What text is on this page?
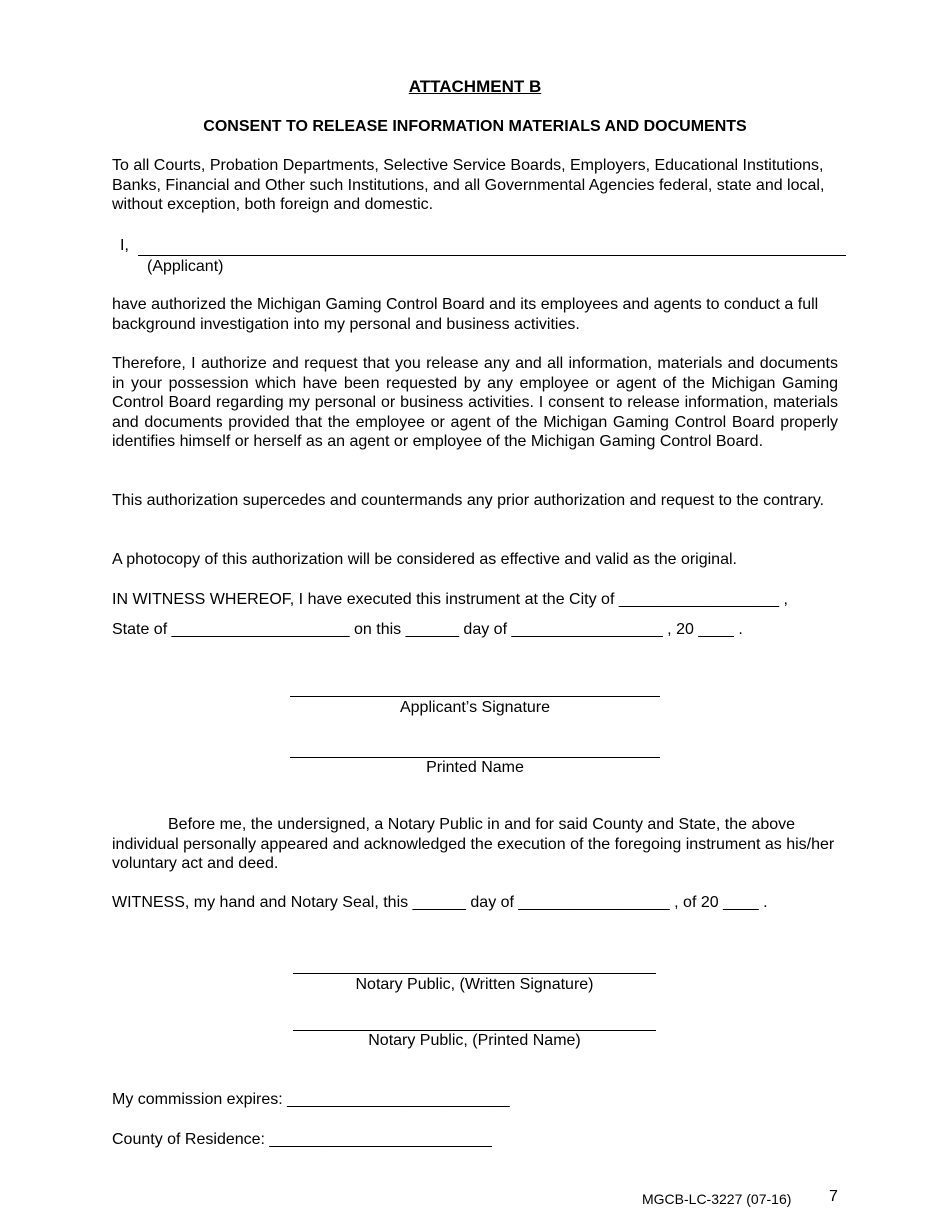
ATTACHMENT B
CONSENT TO RELEASE INFORMATION MATERIALS AND DOCUMENTS
To all Courts, Probation Departments, Selective Service Boards, Employers, Educational Institutions, Banks, Financial and Other such Institutions, and all Governmental Agencies federal, state and local, without exception, both foreign and domestic.
I,
(Applicant)
have authorized the Michigan Gaming Control Board and its employees and agents to conduct a full background investigation into my personal and business activities.
Therefore, I authorize and request that you release any and all information, materials and documents in your possession which have been requested by any employee or agent of the Michigan Gaming Control Board regarding my personal or business activities. I consent to release information, materials and documents provided that the employee or agent of the Michigan Gaming Control Board properly identifies himself or herself as an agent or employee of the Michigan Gaming Control Board.
This authorization supercedes and countermands any prior authorization and request to the contrary.
A photocopy of this authorization will be considered as effective and valid as the original.
IN WITNESS WHEREOF, I have executed this instrument at the City of __________________ ,
State of ____________________ on this ______ day of _________________ , 20 ____ .
Applicant’s Signature
Printed Name
Before me, the undersigned, a Notary Public in and for said County and State, the above individual personally appeared and acknowledged the execution of the foregoing instrument as his/her voluntary act and deed.
WITNESS, my hand and Notary Seal, this ______ day of _________________ , of 20 ____ .
Notary Public, (Written Signature)
Notary Public, (Printed Name)
My commission expires: _________________________
County of Residence: _________________________
MGCB-LC-3227 (07-16) 7
